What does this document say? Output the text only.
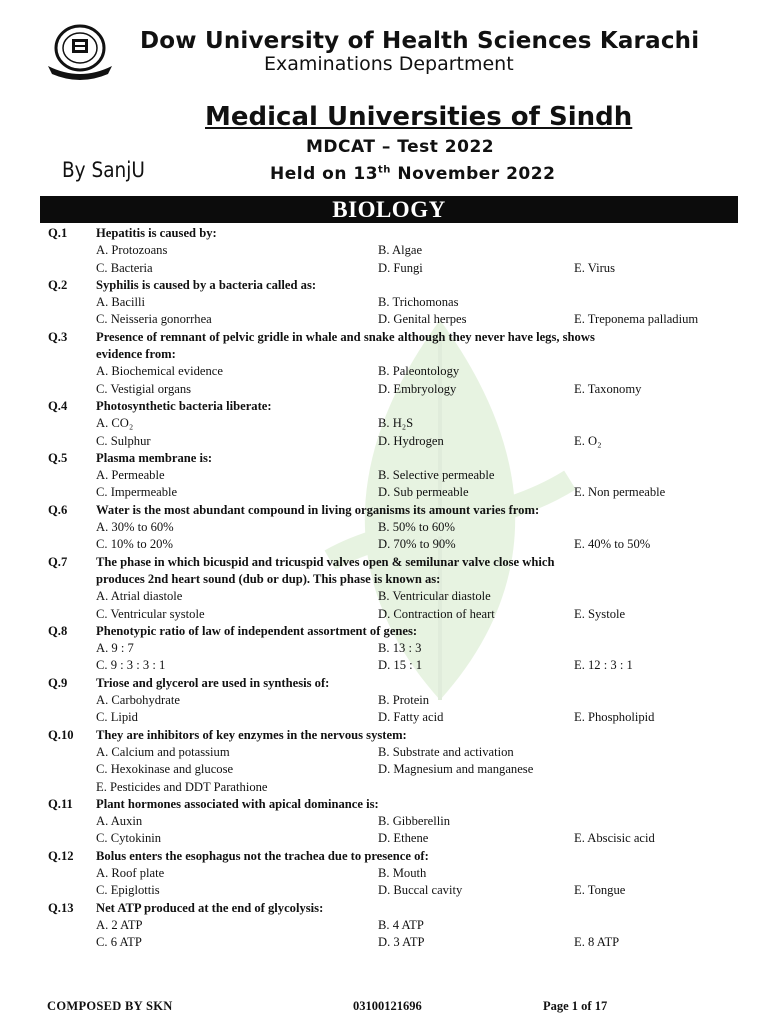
Dow University of Health Sciences Karachi
Examinations Department
Medical Universities of Sindh
MDCAT – Test 2022
By SanjU	Held on 13th November 2022
BIOLOGY
Q.1 Hepatitis is caused by:
A. Protozoans	B. Algae
C. Bacteria	D. Fungi	E. Virus
Q.2 Syphilis is caused by a bacteria called as:
A. Bacilli	B. Trichomonas
C. Neisseria gonorrhea	D. Genital herpes	E. Treponema palladium
Q.3 Presence of remnant of pelvic gridle in whale and snake although they never have legs, shows
evidence from:
A. Biochemical evidence	B. Paleontology
C. Vestigial organs	D. Embryology	E. Taxonomy
Q.4 Photosynthetic bacteria liberate:
A. CO₂	B. H₂S
C. Sulphur	D. Hydrogen	E. O₂
Q.5 Plasma membrane is:
A. Permeable	B. Selective permeable
C. Impermeable	D. Sub permeable	E. Non permeable
Q.6 Water is the most abundant compound in living organisms its amount varies from:
A. 30% to 60%	B. 50% to 60%
C. 10% to 20%	D. 70% to 90%	E. 40% to 50%
Q.7 The phase in which bicuspid and tricuspid valves open & semilunar valve close which
produces 2nd heart sound (dub or dup). This phase is known as:
A. Atrial diastole	B. Ventricular diastole
C. Ventricular systole	D. Contraction of heart	E. Systole
Q.8 Phenotypic ratio of law of independent assortment of genes:
A. 9 : 7	B. 13 : 3
C. 9 : 3 : 3 : 1	D. 15 : 1	E. 12 : 3 : 1
Q.9 Triose and glycerol are used in synthesis of:
A. Carbohydrate	B. Protein
C. Lipid	D. Fatty acid	E. Phospholipid
Q.10 They are inhibitors of key enzymes in the nervous system:
A. Calcium and potassium	B. Substrate and activation
C. Hexokinase and glucose	D. Magnesium and manganese
E. Pesticides and DDT Parathione
Q.11 Plant hormones associated with apical dominance is:
A. Auxin	B. Gibberellin
C. Cytokinin	D. Ethene	E. Abscisic acid
Q.12 Bolus enters the esophagus not the trachea due to presence of:
A. Roof plate	B. Mouth
C. Epiglottis	D. Buccal cavity	E. Tongue
Q.13 Net ATP produced at the end of glycolysis:
A. 2 ATP	B. 4 ATP
C. 6 ATP	D. 3 ATP	E. 8 ATP
COMPOSED BY SKN	03100121696	Page 1 of 17
